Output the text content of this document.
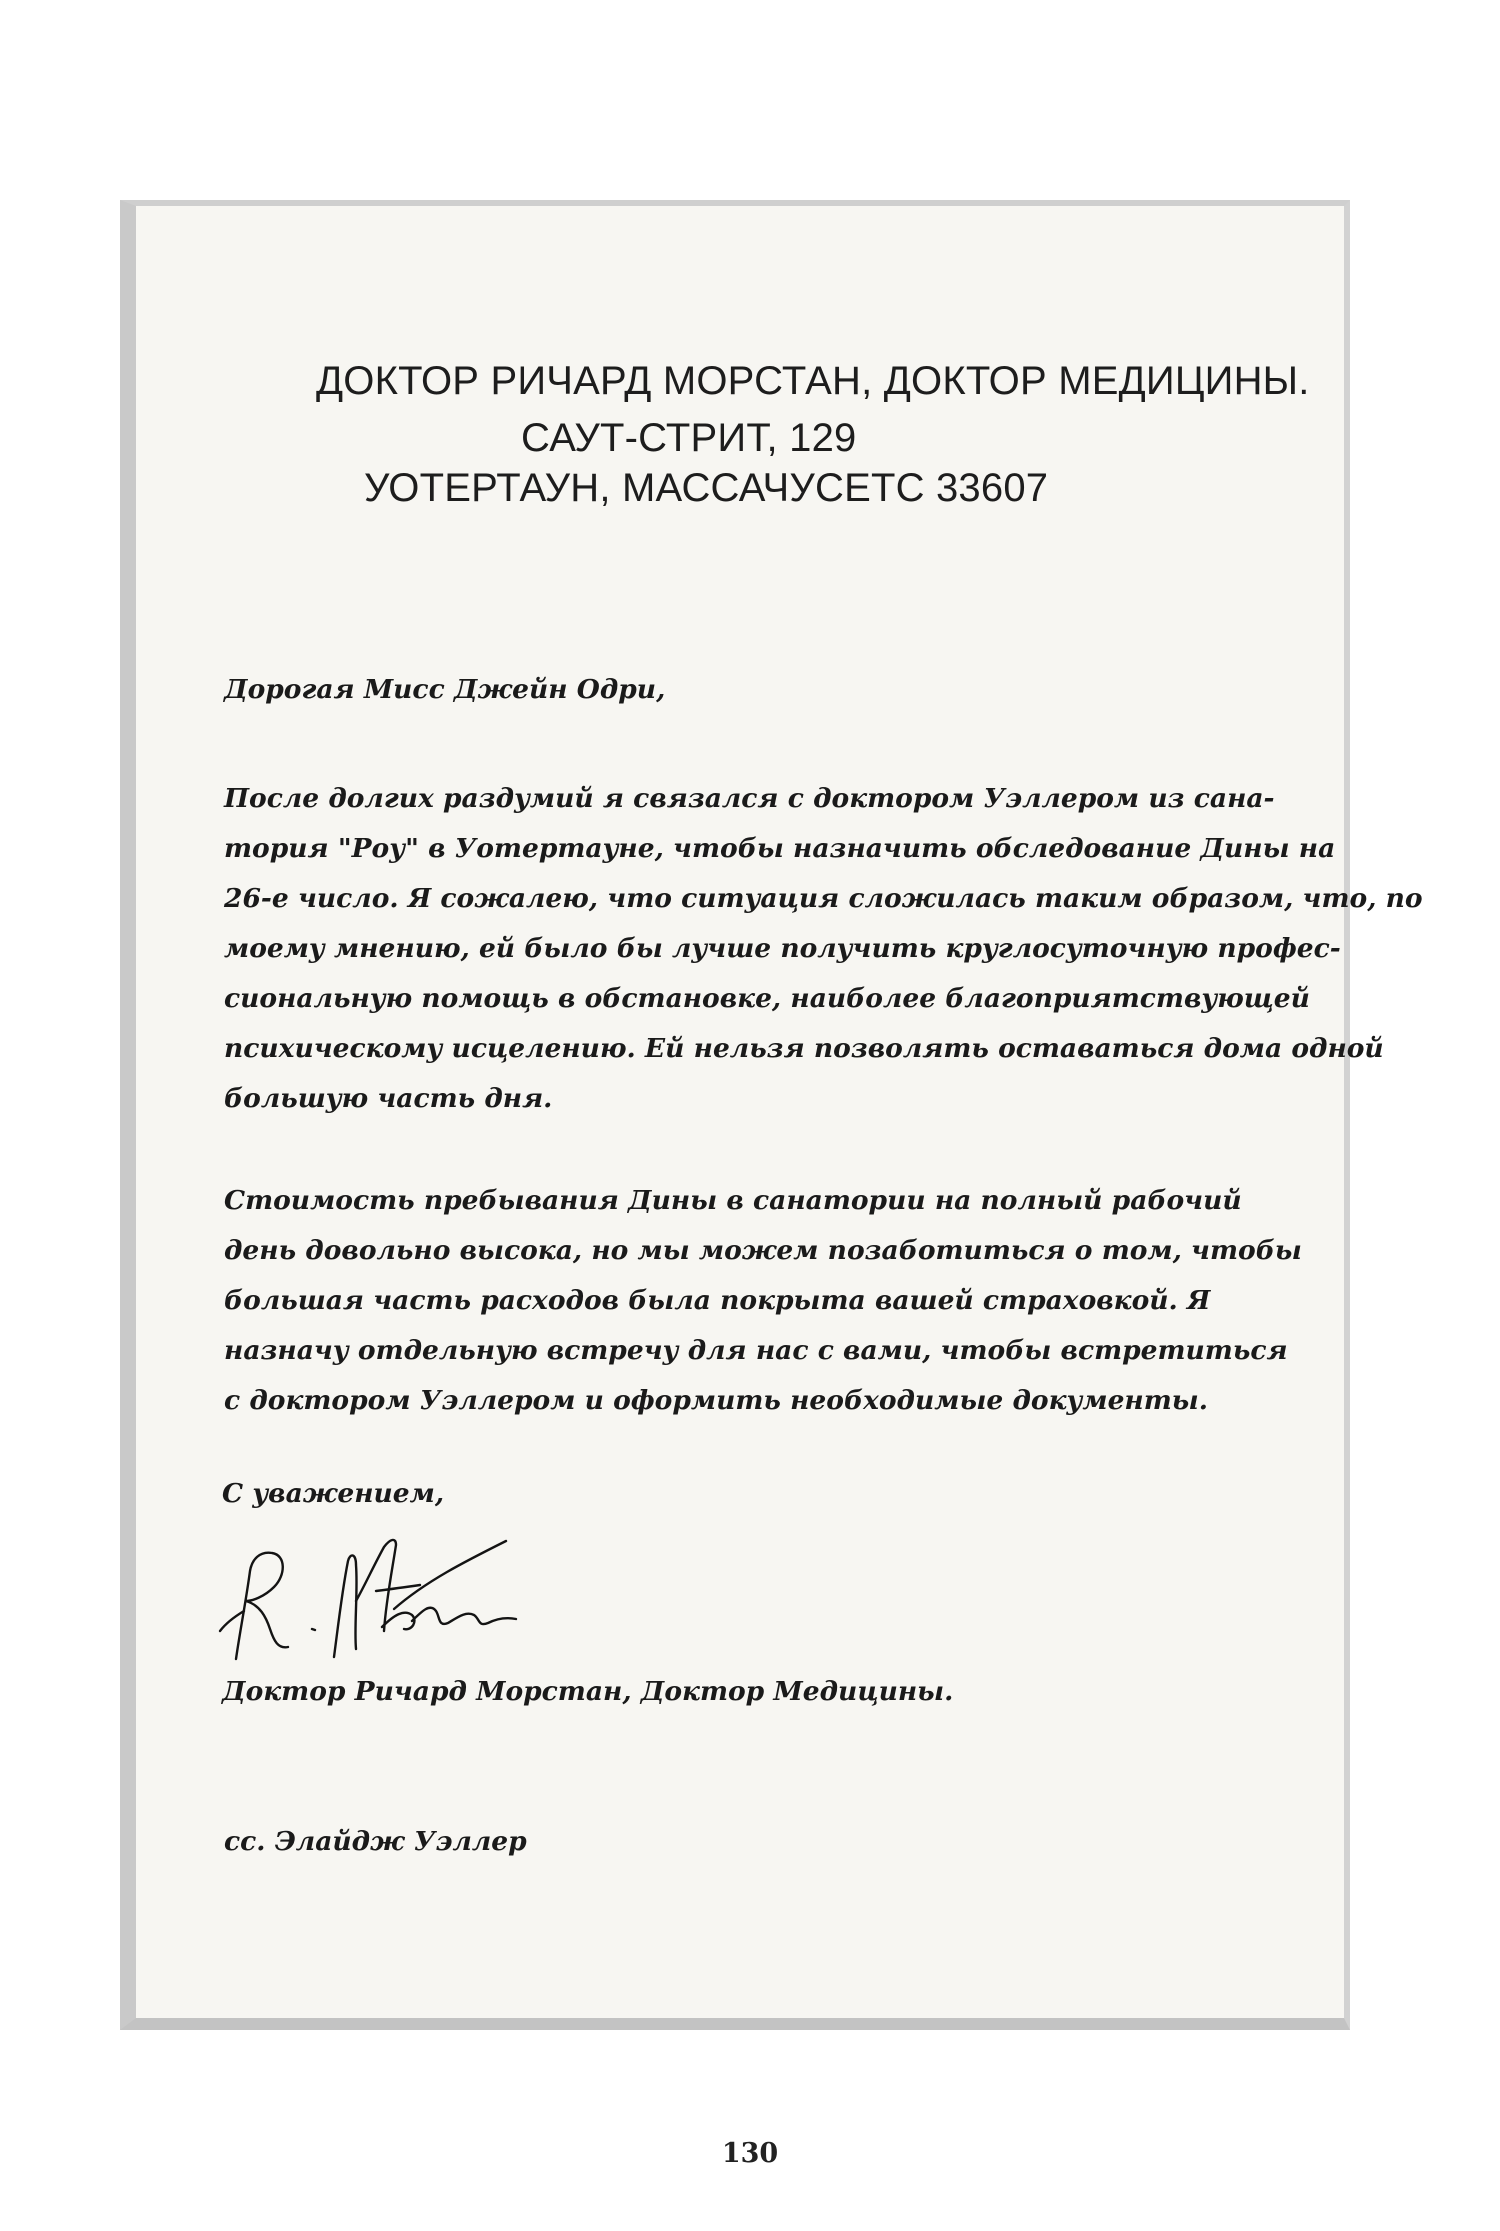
ДОКТОР РИЧАРД МОРСТАН, ДОКТОР МЕДИЦИНЫ.
САУТ-СТРИТ, 129
УОТЕРТАУН, МАССАЧУСЕТС 33607
Дорогая Мисс Джейн Одри,
После долгих раздумий я связался с доктором Уэллером из сана-
тория "Роу" в Уотертауне, чтобы назначить обследование Дины на
26-е число. Я сожалею, что ситуация сложилась таким образом, что, по
моему мнению, ей было бы лучше получить круглосуточную профес-
сиональную помощь в обстановке, наиболее благоприятствующей
психическому исцелению. Ей нельзя позволять оставаться дома одной
большую часть дня.
Стоимость пребывания Дины в санатории на полный рабочий
день довольно высока, но мы можем позаботиться о том, чтобы
большая часть расходов была покрыта вашей страховкой. Я
назначу отдельную встречу для нас с вами, чтобы встретиться
с доктором Уэллером и оформить необходимые документы.
С уважением,
Доктор Ричард Морстан, Доктор Медицины.
сс. Элайдж Уэллер
130
